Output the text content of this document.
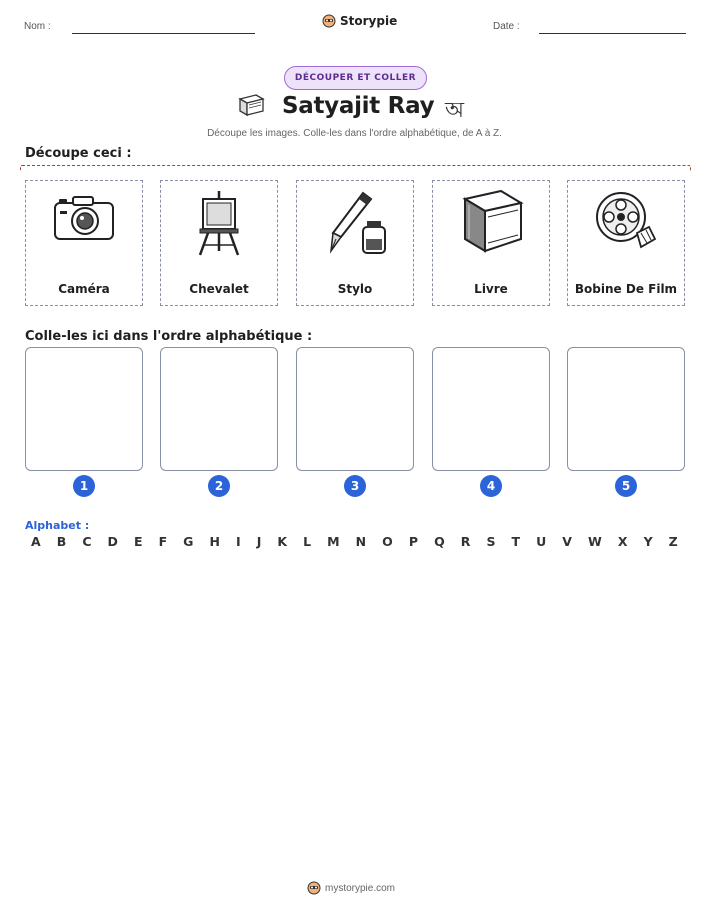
Nom :	Storypie	Date :
DÉCOUPER ET COLLER
Satyajit Ray অ
Découpe les images. Colle-les dans l'ordre alphabétique, de A à Z.
Découpe ceci :
Caméra	Chevalet	Stylo	Livre	Bobine De Film
Colle-les ici dans l'ordre alphabétique :
1	2	3	4	5
Alphabet :
A B C D E F G H I J K L M N O P Q R S T U V W X Y Z
mystorypie.com
